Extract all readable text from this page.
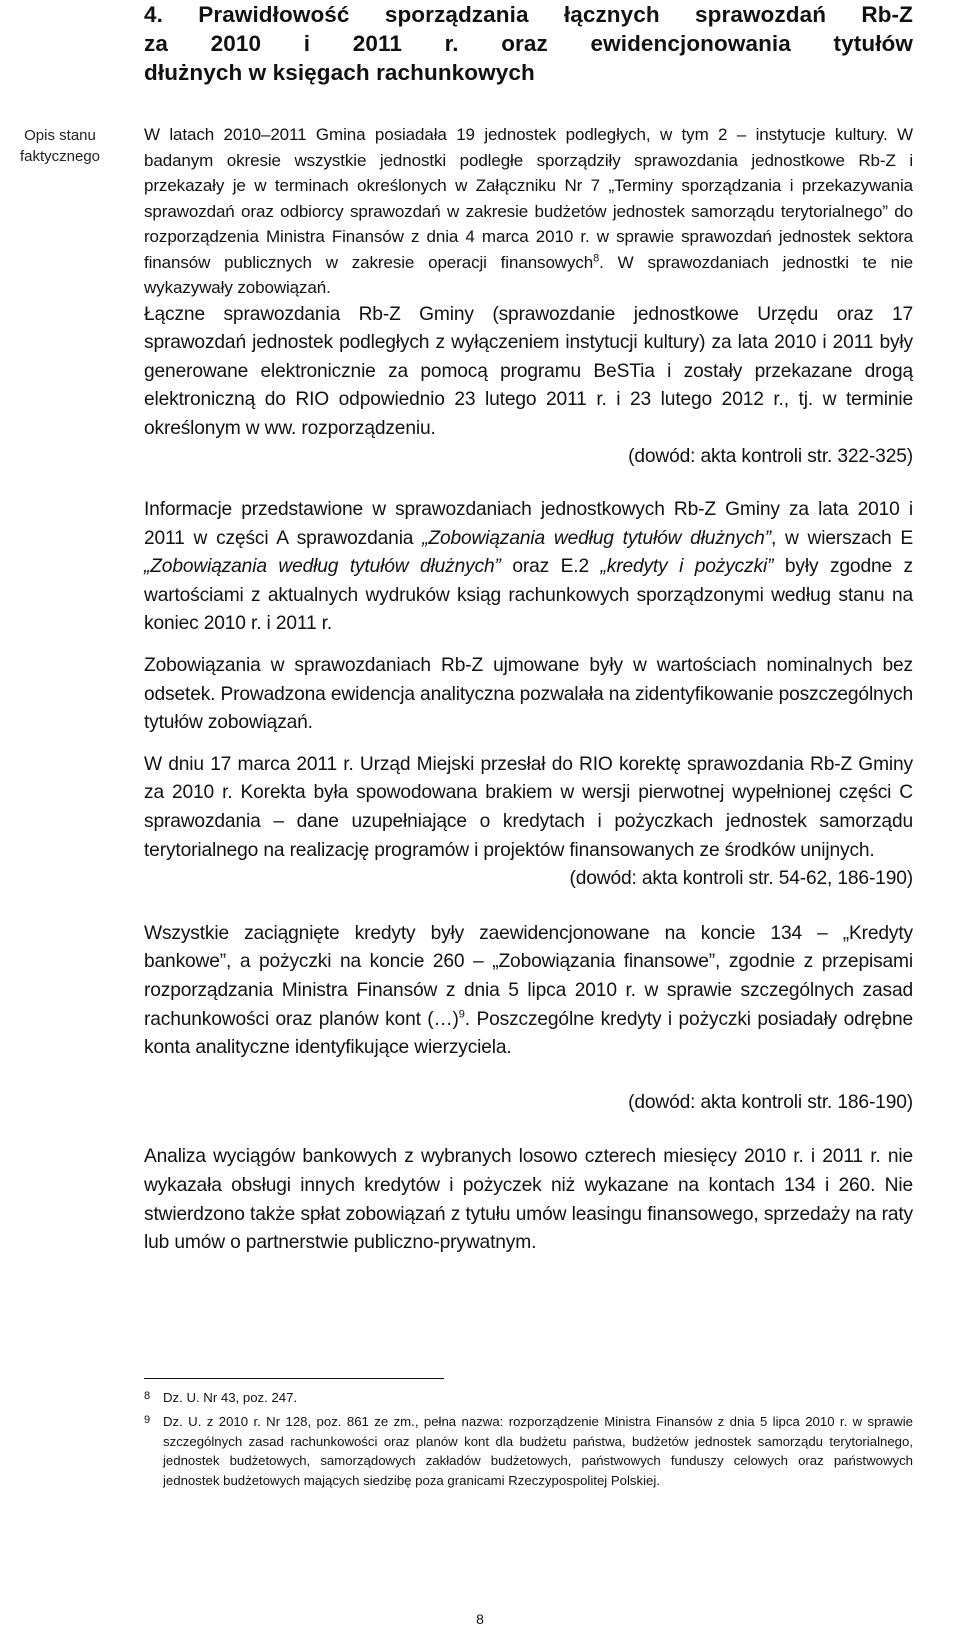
Opis stanu
faktycznego
4. Prawidłowość sporządzania łącznych sprawozdań Rb-Z
za 2010 i 2011 r. oraz ewidencjonowania tytułów
dłużnych w księgach rachunkowych

W latach 2010–2011 Gmina posiadała 19 jednostek podległych, w tym 2 – instytucje kultury. W badanym okresie wszystkie jednostki podległe sporządziły sprawozdania jednostkowe Rb-Z i przekazały je w terminach określonych w Załączniku Nr 7 „Terminy sporządzania i przekazywania sprawozdań oraz odbiorcy sprawozdań w zakresie budżetów jednostek samorządu terytorialnego” do rozporządzenia Ministra Finansów z dnia 4 marca 2010 r. w sprawie sprawozdań jednostek sektora finansów publicznych w zakresie operacji finansowych$^8$. W sprawozdaniach jednostki te nie wykazywały zobowiązań.

Łączne sprawozdania Rb-Z Gminy (sprawozdanie jednostkowe Urzędu oraz 17 sprawozdań jednostek podległych z wyłączeniem instytucji kultury) za lata 2010 i 2011 były generowane elektronicznie za pomocą programu BeSTia i zostały przekazane drogą elektroniczną do RIO odpowiednio 23 lutego 2011 r. i 23 lutego 2012 r., tj. w terminie określonym w ww. rozporządzeniu.

(dowód: akta kontroli str. 322-325)

Informacje przedstawione w sprawozdaniach jednostkowych Rb-Z Gminy za lata 2010 i 2011 w części A sprawozdania „Zobowiązania według tytułów dłużnych”, w wierszach E „Zobowiązania według tytułów dłużnych” oraz E.2 „kredyty i pożyczki” były zgodne z wartościami z aktualnych wydruków ksiąg rachunkowych sporządzonymi według stanu na koniec 2010 r. i 2011 r.

Zobowiązania w sprawozdaniach Rb-Z ujmowane były w wartościach nominalnych bez odsetek. Prowadzona ewidencja analityczna pozwalała na zidentyfikowanie poszczególnych tytułów zobowiązań.

W dniu 17 marca 2011 r. Urząd Miejski przesłał do RIO korektę sprawozdania Rb-Z Gminy za 2010 r. Korekta była spowodowana brakiem w wersji pierwotnej wypełnionej części C sprawozdania – dane uzupełniające o kredytach i pożyczkach jednostek samorządu terytorialnego na realizację programów i projektów finansowanych ze środków unijnych.

(dowód: akta kontroli str. 54-62, 186-190)

Wszystkie zaciągnięte kredyty były zaewidencjonowane na koncie 134 – „Kredyty bankowe”, a pożyczki na koncie 260 – „Zobowiązania finansowe”, zgodnie z przepisami rozporządzania Ministra Finansów z dnia 5 lipca 2010 r. w sprawie szczególnych zasad rachunkowości oraz planów kont (…)$^9$. Poszczególne kredyty i pożyczki posiadały odrębne konta analityczne identyfikujące wierzyciela.

(dowód: akta kontroli str. 186-190)

Analiza wyciągów bankowych z wybranych losowo czterech miesięcy 2010 r. i 2011 r. nie wykazała obsługi innych kredytów i pożyczek niż wykazane na kontach 134 i 260. Nie stwierdzono także spłat zobowiązań z tytułu umów leasingu finansowego, sprzedaży na raty lub umów o partnerstwie publiczno-prywatnym.

8 Dz. U. Nr 43, poz. 247.
9 Dz. U. z 2010 r. Nr 128, poz. 861 ze zm., pełna nazwa: rozporządzenie Ministra Finansów z dnia 5 lipca 2010 r. w sprawie szczególnych zasad rachunkowości oraz planów kont dla budżetu państwa, budżetów jednostek samorządu terytorialnego, jednostek budżetowych, samorządowych zakładów budżetowych, państwowych funduszy celowych oraz państwowych jednostek budżetowych mających siedzibę poza granicami Rzeczypospolitej Polskiej.
8
